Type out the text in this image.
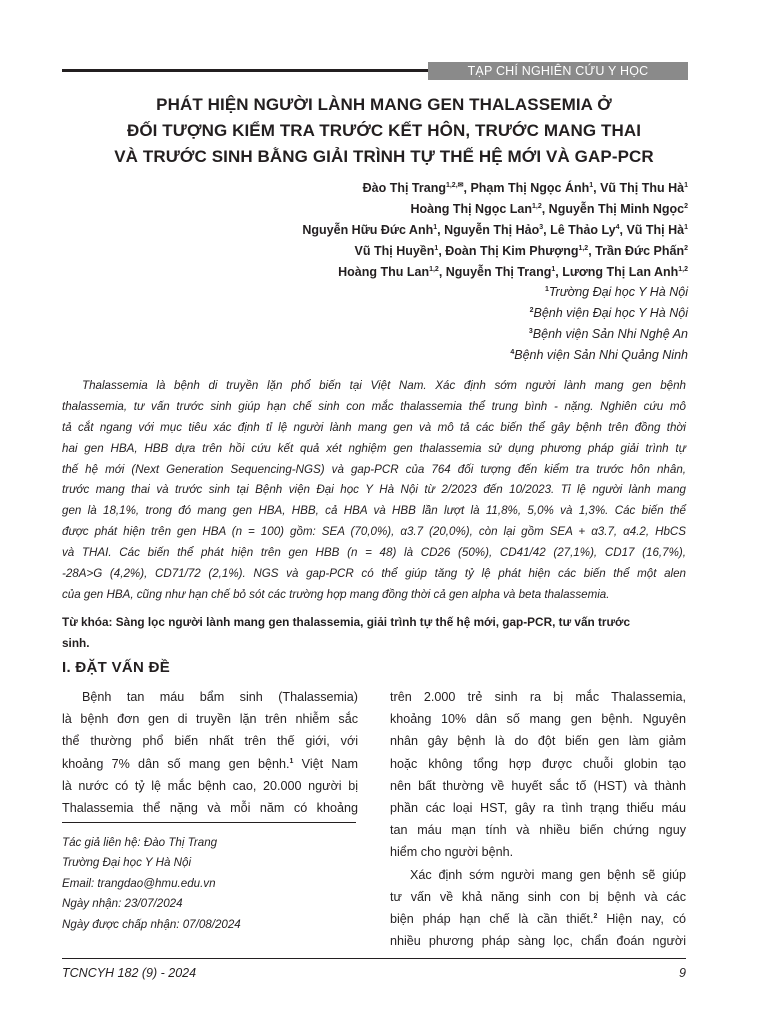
TẠP CHÍ NGHIÊN CỨU Y HỌC
PHÁT HIỆN NGƯỜI LÀNH MANG GEN THALASSEMIA Ở
ĐỐI TƯỢNG KIỂM TRA TRƯỚC KẾT HÔN, TRƯỚC MANG THAI
VÀ TRƯỚC SINH BẰNG GIẢI TRÌNH TỰ THẾ HỆ MỚI VÀ GAP-PCR
Đào Thị Trang$^{1,2,✉}$, Phạm Thị Ngọc Ánh$^1$, Vũ Thị Thu $Hà^1$
Hoàng Thị Ngọc Lan$^{1,2}$, Nguyễn Thị Minh Ngọc$^2$
Nguyễn Hữu Đức Anh$^1$, Nguyễn Thị Hảo$^3$, Lê Thảo Ly$^4$, Vũ Thị $Hà^1$
Vũ Thị Huyền$^1$, Đoàn Thị Kim Phượng$^{1,2}$, Trần Đức Phấn$^2$
Hoàng Thu Lan$^{1,2}$, Nguyễn Thị Trang$^1$, Lương Thị Lan Anh$^{1,2}$
$^1$Trường Đại học Y Hà Nội
$^2$Bệnh viện Đại học Y Hà Nội
$^3$Bệnh viện Sản Nhi Nghệ An
$^4$Bệnh viện Sản Nhi Quảng Ninh
Thalassemia là bệnh di truyền lặn phổ biến tại Việt Nam. Xác định sớm người lành mang gen bệnh
thalassemia, tư vấn trước sinh giúp hạn chế sinh con mắc thalassemia thể trung bình - nặng. Nghiên cứu mô
tả cắt ngang với mục tiêu xác định tỉ lệ người lành mang gen và mô tả các biến thể gây bệnh trên đồng thời
hai gen HBA, HBB dựa trên hồi cứu kết quả xét nghiệm gen thalassemia sử dụng phương pháp giải trình tự
thế hệ mới (Next Generation Sequencing-NGS) và gap-PCR của 764 đối tượng đến kiểm tra trước hôn nhân,
trước mang thai và trước sinh tại Bệnh viện Đại học Y Hà Nội từ 2/2023 đến 10/2023. Tỉ lệ người lành mang
gen là 18,1%, trong đó mang gen HBA, HBB, cả HBA và HBB lần lượt là 11,8%, 5,0% và 1,3%. Các biến thể
được phát hiện trên gen HBA (n = 100) gồm: SEA (70,0%), α3.7 (20,0%), còn lại gồm SEA + α3.7, α4.2, HbCS
và THAI. Các biến thể phát hiện trên gen HBB (n = 48) là CD26 (50%), CD41/42 (27,1%), CD17 (16,7%),
-28A>G (4,2%), CD71/72 (2,1%). NGS và gap-PCR có thể giúp tăng tỷ lệ phát hiện các biến thể một alen
của gen HBA, cũng như hạn chế bỏ sót các trường hợp mang đồng thời cả gen alpha và beta thalassemia.
Từ khóa: Sàng lọc người lành mang gen thalassemia, giải trình tự thế hệ mới, gap-PCR, tư vấn trước
sinh.
I. ĐẶT VẤN ĐỀ
Bệnh tan máu bẩm sinh (Thalassemia)
là bệnh đơn gen di truyền lặn trên nhiễm sắc
thể thường phổ biến nhất trên thế giới, với
khoảng 7% dân số mang gen bệnh.$^1$ Việt Nam
là nước có tỷ lệ mắc bệnh cao, 20.000 người bị
Thalassemia thể nặng và mỗi năm có khoảng
Tác giả liên hệ: Đào Thị Trang
Trường Đại học Y Hà Nội
Email: trangdao@hmu.edu.vn
Ngày nhận: 23/07/2024
Ngày được chấp nhận: 07/08/2024
trên 2.000 trẻ sinh ra bị mắc Thalassemia,
khoảng 10% dân số mang gen bệnh. Nguyên
nhân gây bệnh là do đột biến gen làm giảm
hoặc không tổng hợp được chuỗi globin tạo
nên bất thường về huyết sắc tố (HST) và thành
phần các loại HST, gây ra tình trạng thiếu máu
tan máu mạn tính và nhiều biến chứng nguy
hiểm cho người bệnh.
Xác định sớm người mang gen bệnh sẽ giúp
tư vấn về khả năng sinh con bị bệnh và các
biện pháp hạn chế là cần thiết.$^2$ Hiện nay, có
nhiều phương pháp sàng lọc, chẩn đoán người
TCNCYH 182 (9) - 2024	9
